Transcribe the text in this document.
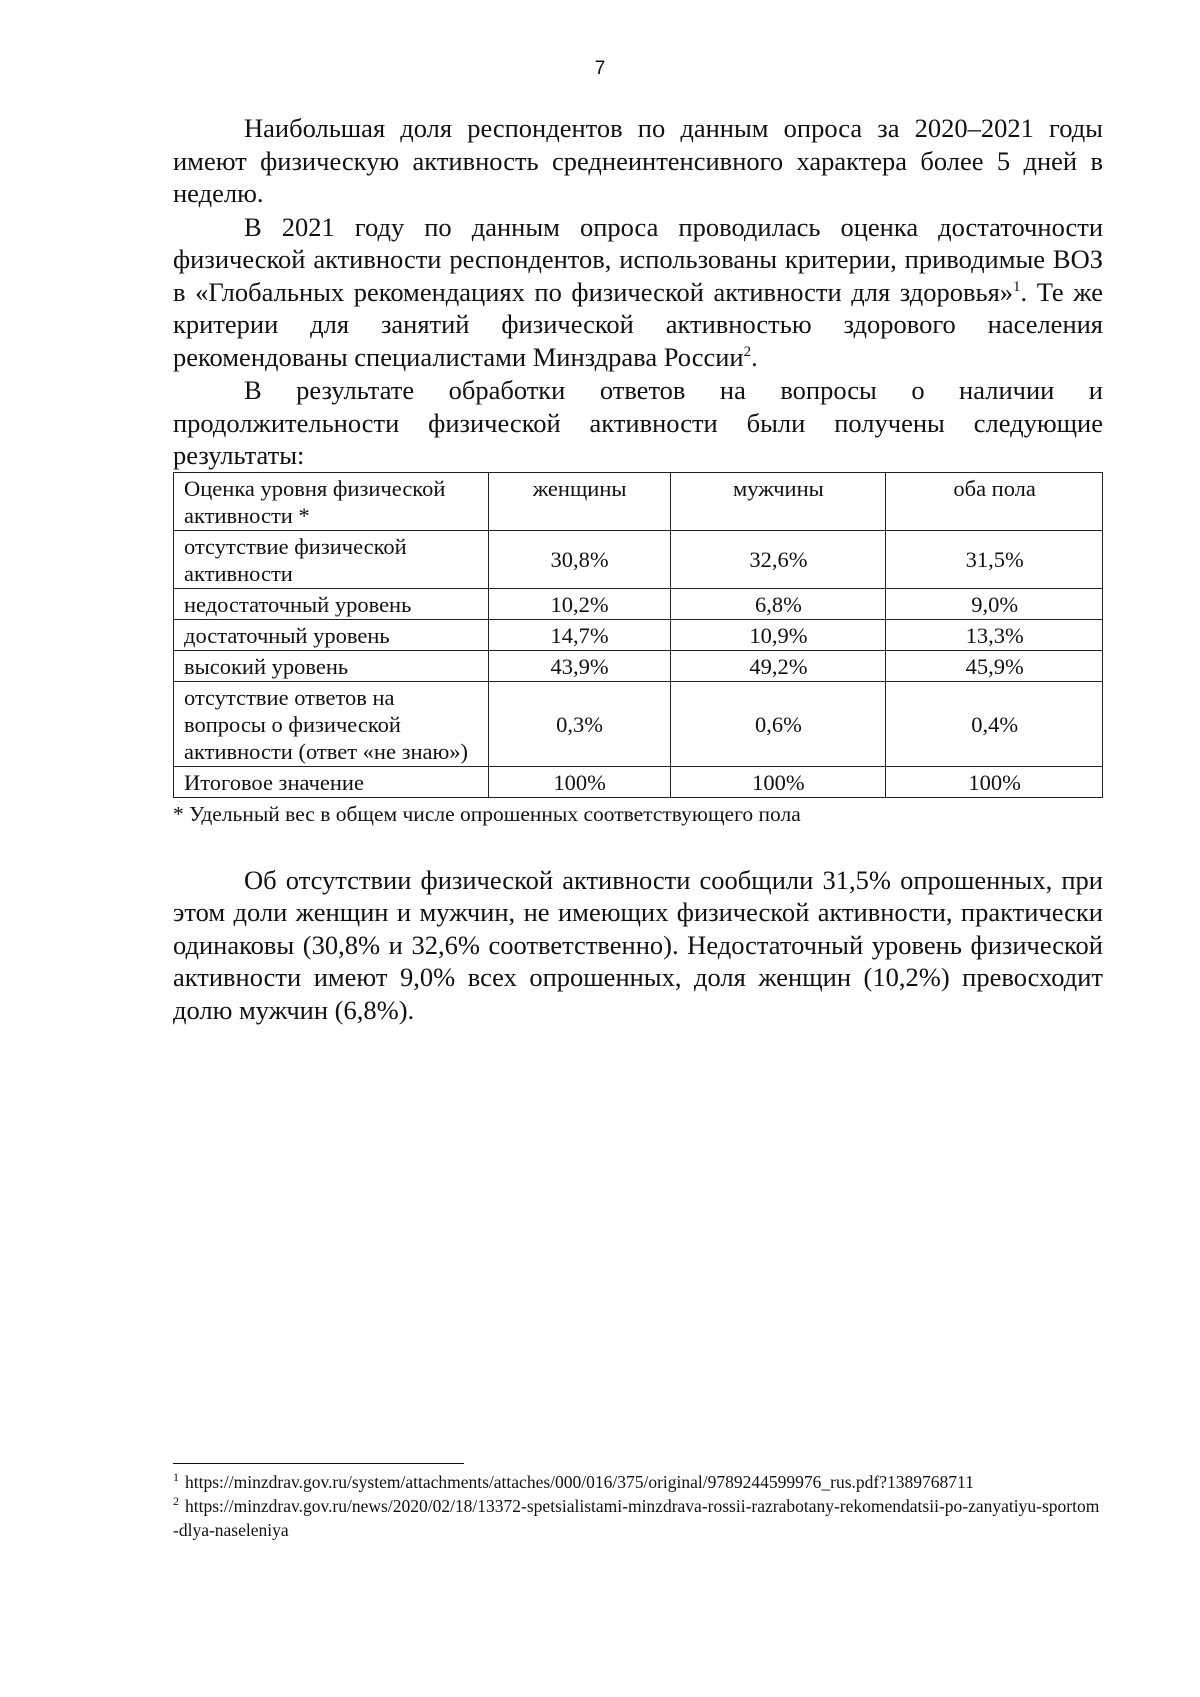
7

Наибольшая доля респондентов по данным опроса за 2020–2021 годы имеют физическую активность среднеинтенсивного характера более 5 дней в неделю.

В 2021 году по данным опроса проводилась оценка достаточности физической активности респондентов, использованы критерии, приводимые ВОЗ в «Глобальных рекомендациях по физической активности для здоровья»$^1$. Те же критерии для занятий физической активностью здорового населения рекомендованы специалистами Минздрава России$^2$.

В результате обработки ответов на вопросы о наличии и продолжительности физической активности были получены следующие результаты:

Оценка уровня физической активности *	женщины	мужчины	оба пола
отсутствие физической активности	30,8%	32,6%	31,5%
недостаточный уровень	10,2%	6,8%	9,0%
достаточный уровень	14,7%	10,9%	13,3%
высокий уровень	43,9%	49,2%	45,9%
отсутствие ответов на вопросы о физической активности (ответ «не знаю»)	0,3%	0,6%	0,4%
Итоговое значение	100%	100%	100%

* Удельный вес в общем числе опрошенных соответствующего пола

Об отсутствии физической активности сообщили 31,5% опрошенных, при этом доли женщин и мужчин, не имеющих физической активности, практически одинаковы (30,8% и 32,6% соответственно). Недостаточный уровень физической активности имеют 9,0% всех опрошенных, доля женщин (10,2%) превосходит долю мужчин (6,8%).

$^1$ https://minzdrav.gov.ru/system/attachments/attaches/000/016/375/original/9789244599976_rus.pdf?1389768711

$^2$ https://minzdrav.gov.ru/news/2020/02/18/13372-spetsialistami-minzdrava-rossii-razrabotany-rekomendatsii-po-zanyatiyu-sportom-dlya-naseleniya
